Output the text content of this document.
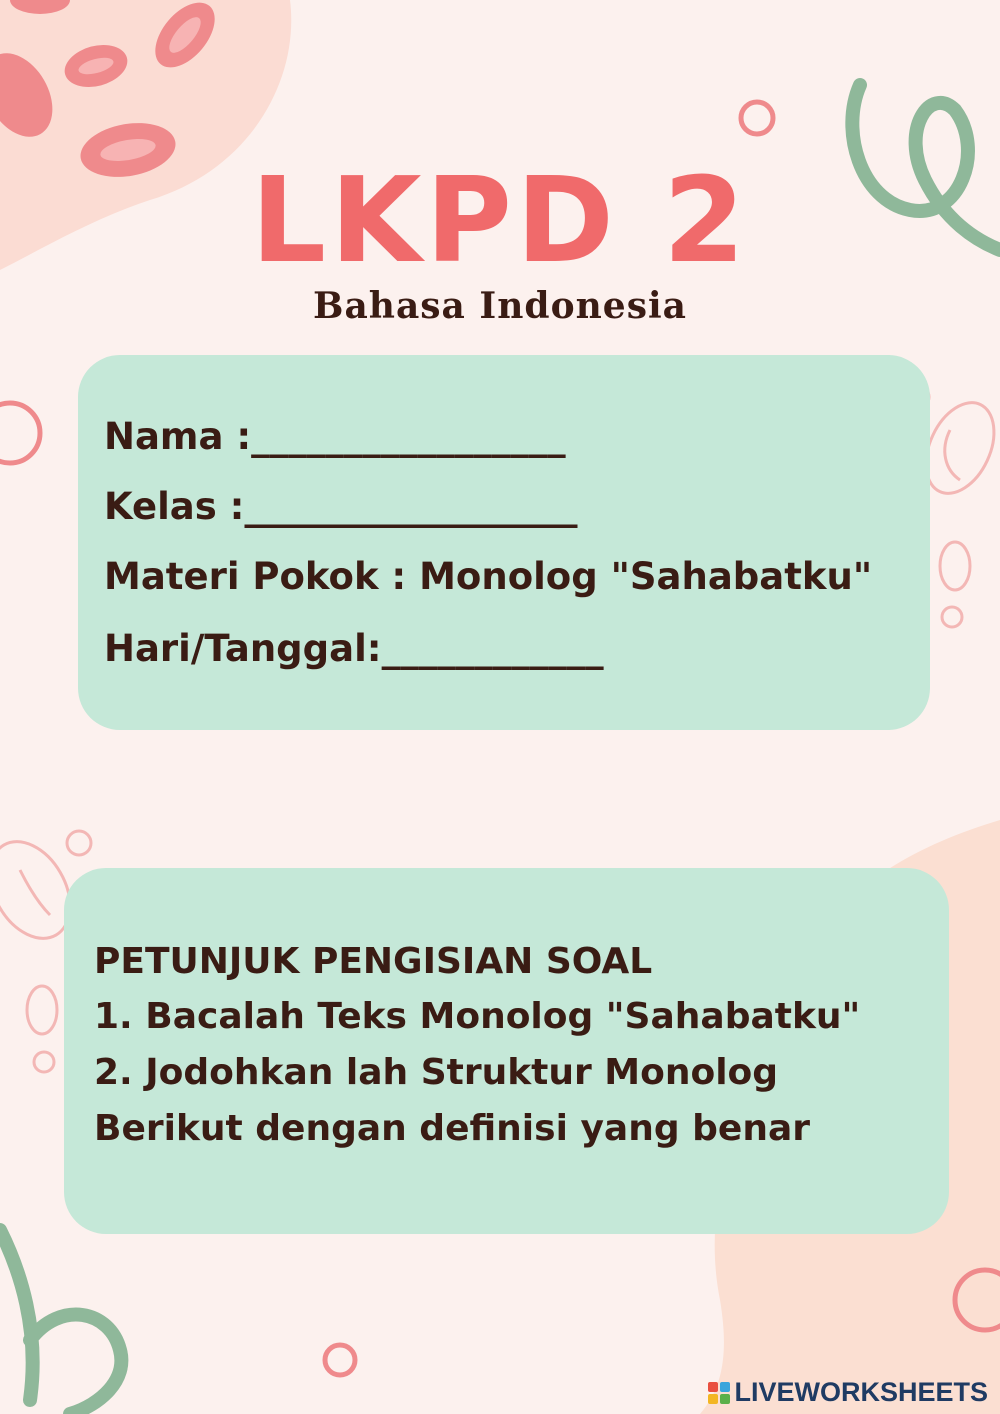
LKPD 2
Bahasa Indonesia
Nama :_________________
Kelas :__________________
Materi Pokok : Monolog "Sahabatku"
Hari/Tanggal:____________
PETUNJUK PENGISIAN SOAL
1. Bacalah Teks Monolog "Sahabatku"
2. Jodohkan lah Struktur Monolog
Berikut dengan definisi yang benar
LIVEWORKSHEETS
